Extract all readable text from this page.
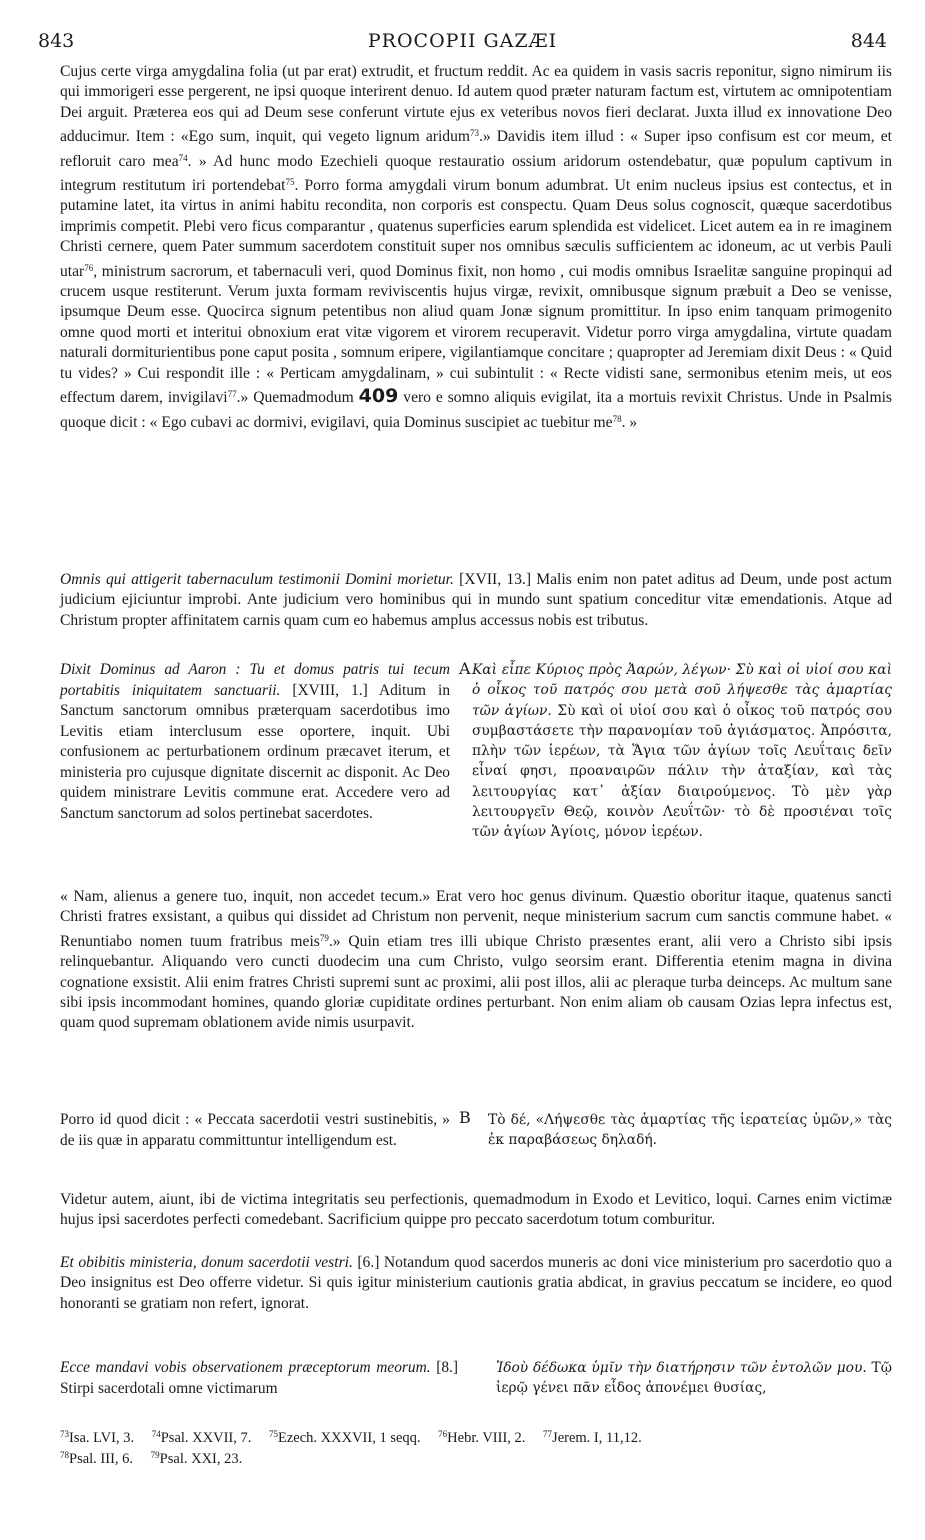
843	PROCOPII GAZÆI	844
Cujus certe virga amygdalina folia (ut par erat) extrudit, et fructum reddit. Ac ea quidem in vasis sacris reponitur, signo nimirum iis qui immorigeri esse pergerent, ne ipsi quoque interirent denuo. Id autem quod præter naturam factum est, virtutem ac omnipotentiam Dei arguit. Præterea eos qui ad Deum sese conferunt virtute ejus ex veteribus novos fieri declarat. Juxta illud ex innovatione Deo adducimur. Item : «Ego sum, inquit, qui vegeto lignum aridum$^{73}$.» Davidis item illud : « Super ipso confisum est cor meum, et refloruit caro mea$^{74}$. » Ad hunc modo Ezechieli quoque restauratio ossium aridorum ostendebatur, quæ populum captivum in integrum restitutum iri portendebat$^{75}$. Porro forma amygdali virum bonum adumbrat. Ut enim nucleus ipsius est contectus, et in putamine latet, ita virtus in animi habitu recondita, non corporis est conspectu. Quam Deus solus cognoscit, quæque sacerdotibus imprimis competit. Plebi vero ficus comparantur , quatenus superficies earum splendida est videlicet. Licet autem ea in re imaginem Christi cernere, quem Pater summum sacerdotem constituit super nos omnibus sæculis sufficientem ac idoneum, ac ut verbis Pauli utar$^{76}$, ministrum sacrorum, et tabernaculi veri, quod Dominus fixit, non homo , cui modis omnibus Israelitæ sanguine propinqui ad crucem usque restiterunt. Verum juxta formam reviviscentis hujus virgæ, revixit, omnibusque signum præbuit a Deo se venisse, ipsumque Deum esse. Quocirca signum petentibus non aliud quam Jonæ signum promittitur. In ipso enim tanquam primogenito omne quod morti et interitui obnoxium erat vitæ vigorem et virorem recuperavit. Videtur porro virga amygdalina, virtute quadam naturali dormiturientibus pone caput posita , somnum eripere, vigilantiamque concitare ; quapropter ad Jeremiam dixit Deus : « Quid tu vides? » Cui respondit ille : « Perticam amygdalinam, » cui subintulit : « Recte vidisti sane, sermonibus etenim meis, ut eos effectum darem, invigilavi$^{77}$.» Quemadmodum 409 vero e somno aliquis evigilat, ita a mortuis revixit Christus. Unde in Psalmis quoque dicit : « Ego cubavi ac dormivi, evigilavi, quia Dominus suscipiet ac tuebitur $me^{78}$. »
Omnis qui attigerit tabernaculum testimonii Domini morietur. [XVII, 13.] Malis enim non patet aditus ad Deum, unde post actum judicium ejiciuntur improbi. Ante judicium vero hominibus qui in mundo sunt spatium conceditur vitæ emendationis. Atque ad Christum propter affinitatem carnis quam cum eo habemus amplus accessus nobis est tributus.
Dixit Dominus ad Aaron : Tu et domus patris tui tecum portabitis iniquitatem sanctuarii. [XVIII, 1.] Aditum in Sanctum sanctorum omnibus præterquam sacerdotibus imo Levitis etiam interclusum esse oportere, inquit. Ubi confusionem ac perturbationem ordinum præcavet iterum, et ministeria pro cujusque dignitate discernit ac disponit. Ac Deo quidem ministrare Levitis commune erat. Accedere vero ad Sanctum sanctorum ad solos pertinebat sacerdotes.
A Καὶ εἶπε Κύριος πρὸς Ἀαρών, λέγων· Σὺ καὶ οἱ υἱοί σου καὶ ὁ οἶκος τοῦ πατρός σου μετὰ σοῦ λήψεσθε τὰς ἁμαρτίας τῶν ἁγίων. Σὺ καὶ οἱ υἱοί σου καὶ ὁ οἶκος τοῦ πατρός σου συμβαστάσετε τὴν παρανομίαν τοῦ ἁγιάσματος. Ἀπρόσιτα, πλὴν τῶν ἱερέων, τὰ Ἅγια τῶν ἁγίων τοῖς Λευΐταις δεῖν εἶναί φησι, προαναιρῶν πάλιν τὴν ἀταξίαν, καὶ τὰς λειτουργίας κατ᾽ ἀξίαν διαιρούμενος. Τὸ μὲν γὰρ λειτουργεῖν Θεῷ, κοινὸν Λευΐτῶν· τὸ δὲ προσιέναι τοῖς τῶν ἁγίων Ἁγίοις, μόνον ἱερέων.
« Nam, alienus a genere tuo, inquit, non accedet tecum.» Erat vero hoc genus divinum. Quæstio oboritur itaque, quatenus sancti Christi fratres exsistant, a quibus qui dissidet ad Christum non pervenit, neque ministerium sacrum cum sanctis commune habet. « Renuntiabo nomen tuum fratribus meis$^{79}$.» Quin etiam tres illi ubique Christo præsentes erant, alii vero a Christo sibi ipsis relinquebantur. Aliquando vero cuncti duodecim una cum Christo, vulgo seorsim erant. Differentia etenim magna in divina cognatione exsistit. Alii enim fratres Christi supremi sunt ac proximi, alii post illos, alii ac pleraque turba deinceps. Ac multum sane sibi ipsis incommodant homines, quando gloriæ cupiditate ordines perturbant. Non enim aliam ob causam Ozias lepra infectus est, quam quod supremam oblationem avide nimis usurpavit.
Porro id quod dicit : « Peccata sacerdotii vestri sustinebitis, » de iis quæ in apparatu committuntur intelligendum est.
B Τὸ δέ, «Λήψεσθε τὰς ἁμαρτίας τῆς ἱερατείας ὑμῶν,» τὰς ἐκ παραβάσεως δηλαδή.
Videtur autem, aiunt, ibi de victima integritatis seu perfectionis, quemadmodum in Exodo et Levitico, loqui. Carnes enim victimæ hujus ipsi sacerdotes perfecti comedebant. Sacrificium quippe pro peccato sacerdotum totum comburitur.
Et obibitis ministeria, donum sacerdotii vestri. [6.] Notandum quod sacerdos muneris ac doni vice ministerium pro sacerdotio quo a Deo insignitus est Deo offerre videtur. Si quis igitur ministerium cautionis gratia abdicat, in gravius peccatum se incidere, eo quod honoranti se gratiam non refert, ignorat.
Ecce mandavi vobis observationem præceptorum meorum. [8.] Stirpi sacerdotali omne victimarum
Ἰδοὺ δέδωκα ὑμῖν τὴν διατήρησιν τῶν ἐντολῶν μου. Τῷ ἱερῷ γένει πᾶν εἶδος ἀπονέμει θυσίας,
$^{73}$Isa. LVI, 3. $^{74}$Psal. XXVII, 7. $^{75}$Ezech. XXXVII, 1 seqq. $^{76}$Hebr. VIII, 2. $^{77}$Jerem. I, 11,12.
$^{78}$Psal. III, 6. $^{79}$Psal. XXI, 23.
